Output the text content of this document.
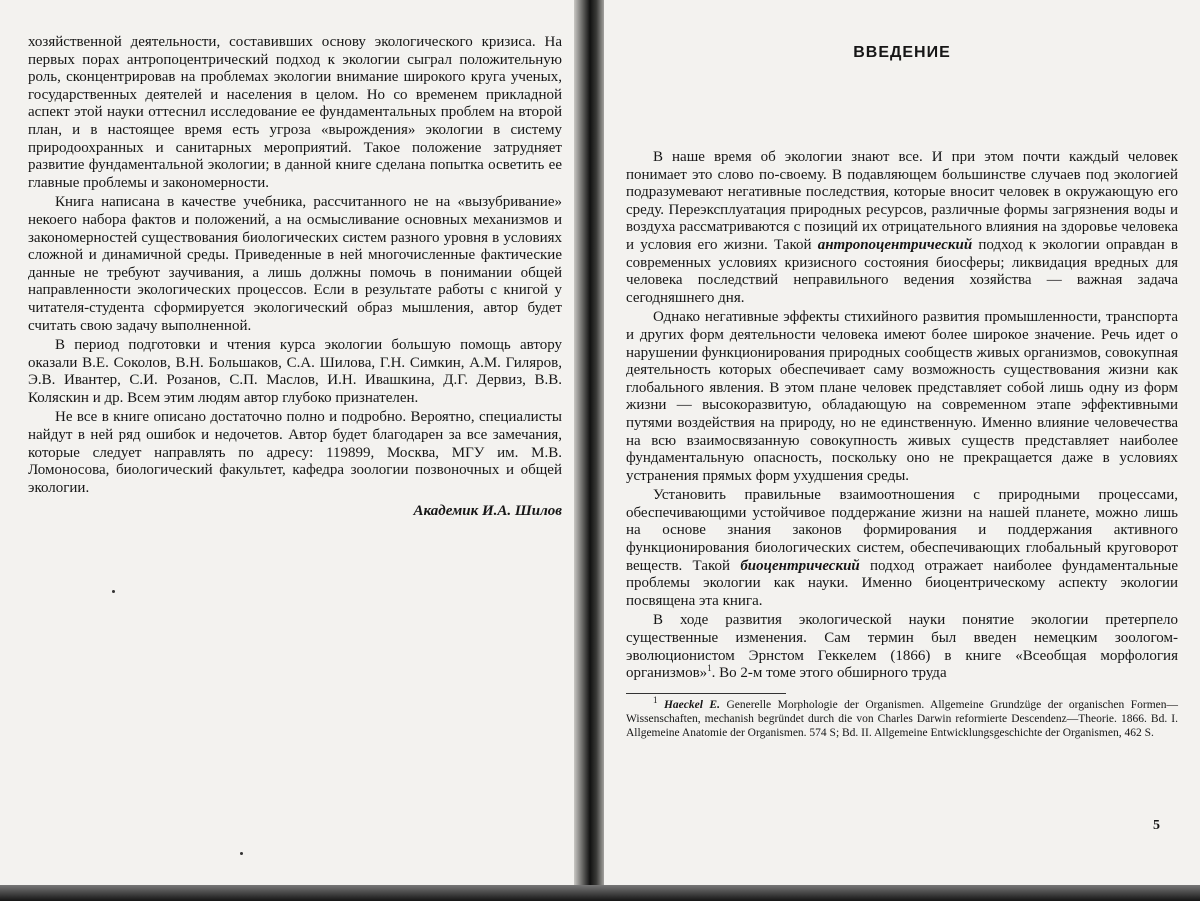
хозяйственной деятельности, составивших основу экологического кризиса. На первых порах антропоцентрический подход к экологии сыграл положительную роль, сконцентрировав на проблемах экологии внимание широкого круга ученых, государственных деятелей и населения в целом. Но со временем прикладной аспект этой науки оттеснил исследование ее фундаментальных проблем на второй план, и в настоящее время есть угроза «вырождения» экологии в систему природоохранных и санитарных мероприятий. Такое положение затрудняет развитие фундаментальной экологии; в данной книге сделана попытка осветить ее главные проблемы и закономерности.

Книга написана в качестве учебника, рассчитанного не на «вызубривание» некоего набора фактов и положений, а на осмысливание основных механизмов и закономерностей существования биологических систем разного уровня в условиях сложной и динамичной среды. Приведенные в ней многочисленные фактические данные не требуют заучивания, а лишь должны помочь в понимании общей направленности экологических процессов. Если в результате работы с книгой у читателя-студента сформируется экологический образ мышления, автор будет считать свою задачу выполненной.

В период подготовки и чтения курса экологии большую помощь автору оказали В.Е. Соколов, В.Н. Большаков, С.А. Шилова, Г.Н. Симкин, А.М. Гиляров, Э.В. Ивантер, С.И. Розанов, С.П. Маслов, И.Н. Ивашкина, Д.Г. Дервиз, В.В. Коляскин и др. Всем этим людям автор глубоко признателен.

Не все в книге описано достаточно полно и подробно. Вероятно, специалисты найдут в ней ряд ошибок и недочетов. Автор будет благодарен за все замечания, которые следует направлять по адресу: 119899, Москва, МГУ им. М.В. Ломоносова, биологический факультет, кафедра зоологии позвоночных и общей экологии.

Академик И.А. Шилов

ВВЕДЕНИЕ

В наше время об экологии знают все. И при этом почти каждый человек понимает это слово по-своему. В подавляющем большинстве случаев под экологией подразумевают негативные последствия, которые вносит человек в окружающую его среду. Переэксплуатация природных ресурсов, различные формы загрязнения воды и воздуха рассматриваются с позиций их отрицательного влияния на здоровье человека и условия его жизни. Такой антропоцентрический подход к экологии оправдан в современных условиях кризисного состояния биосферы; ликвидация вредных для человека последствий неправильного ведения хозяйства — важная задача сегодняшнего дня.

Однако негативные эффекты стихийного развития промышленности, транспорта и других форм деятельности человека имеют более широкое значение. Речь идет о нарушении функционирования природных сообществ живых организмов, совокупная деятельность которых обеспечивает саму возможность существования жизни как глобального явления. В этом плане человек представляет собой лишь одну из форм жизни — высокоразвитую, обладающую на современном этапе эффективными путями воздействия на природу, но не единственную. Именно влияние человечества на всю взаимосвязанную совокупность живых существ представляет наиболее фундаментальную опасность, поскольку оно не прекращается даже в условиях устранения прямых форм ухудшения среды.

Установить правильные взаимоотношения с природными процессами, обеспечивающими устойчивое поддержание жизни на нашей планете, можно лишь на основе знания законов формирования и поддержания активного функционирования биологических систем, обеспечивающих глобальный круговорот веществ. Такой биоцентрический подход отражает наиболее фундаментальные проблемы экологии как науки. Именно биоцентрическому аспекту экологии посвящена эта книга.

В ходе развития экологической науки понятие экологии претерпело существенные изменения. Сам термин был введен немецким зоологом-эволюционистом Эрнстом Геккелем (1866) в книге «Всеобщая морфология организмов»$^1$. Во 2-м томе этого обширного труда

$^1$ Haeckel E. Generelle Morphologie der Organismen. Allgemeine Grundzüge der organischen Formen—Wissenschaften, mechanish begründet durch die von Charles Darwin reformierte Descendenz—Theorie. 1866. Bd. I. Allgemeine Anatomie der Organismen. 574 S; Bd. II. Allgemeine Entwicklungsgeschichte der Organismen, 462 S.
5
